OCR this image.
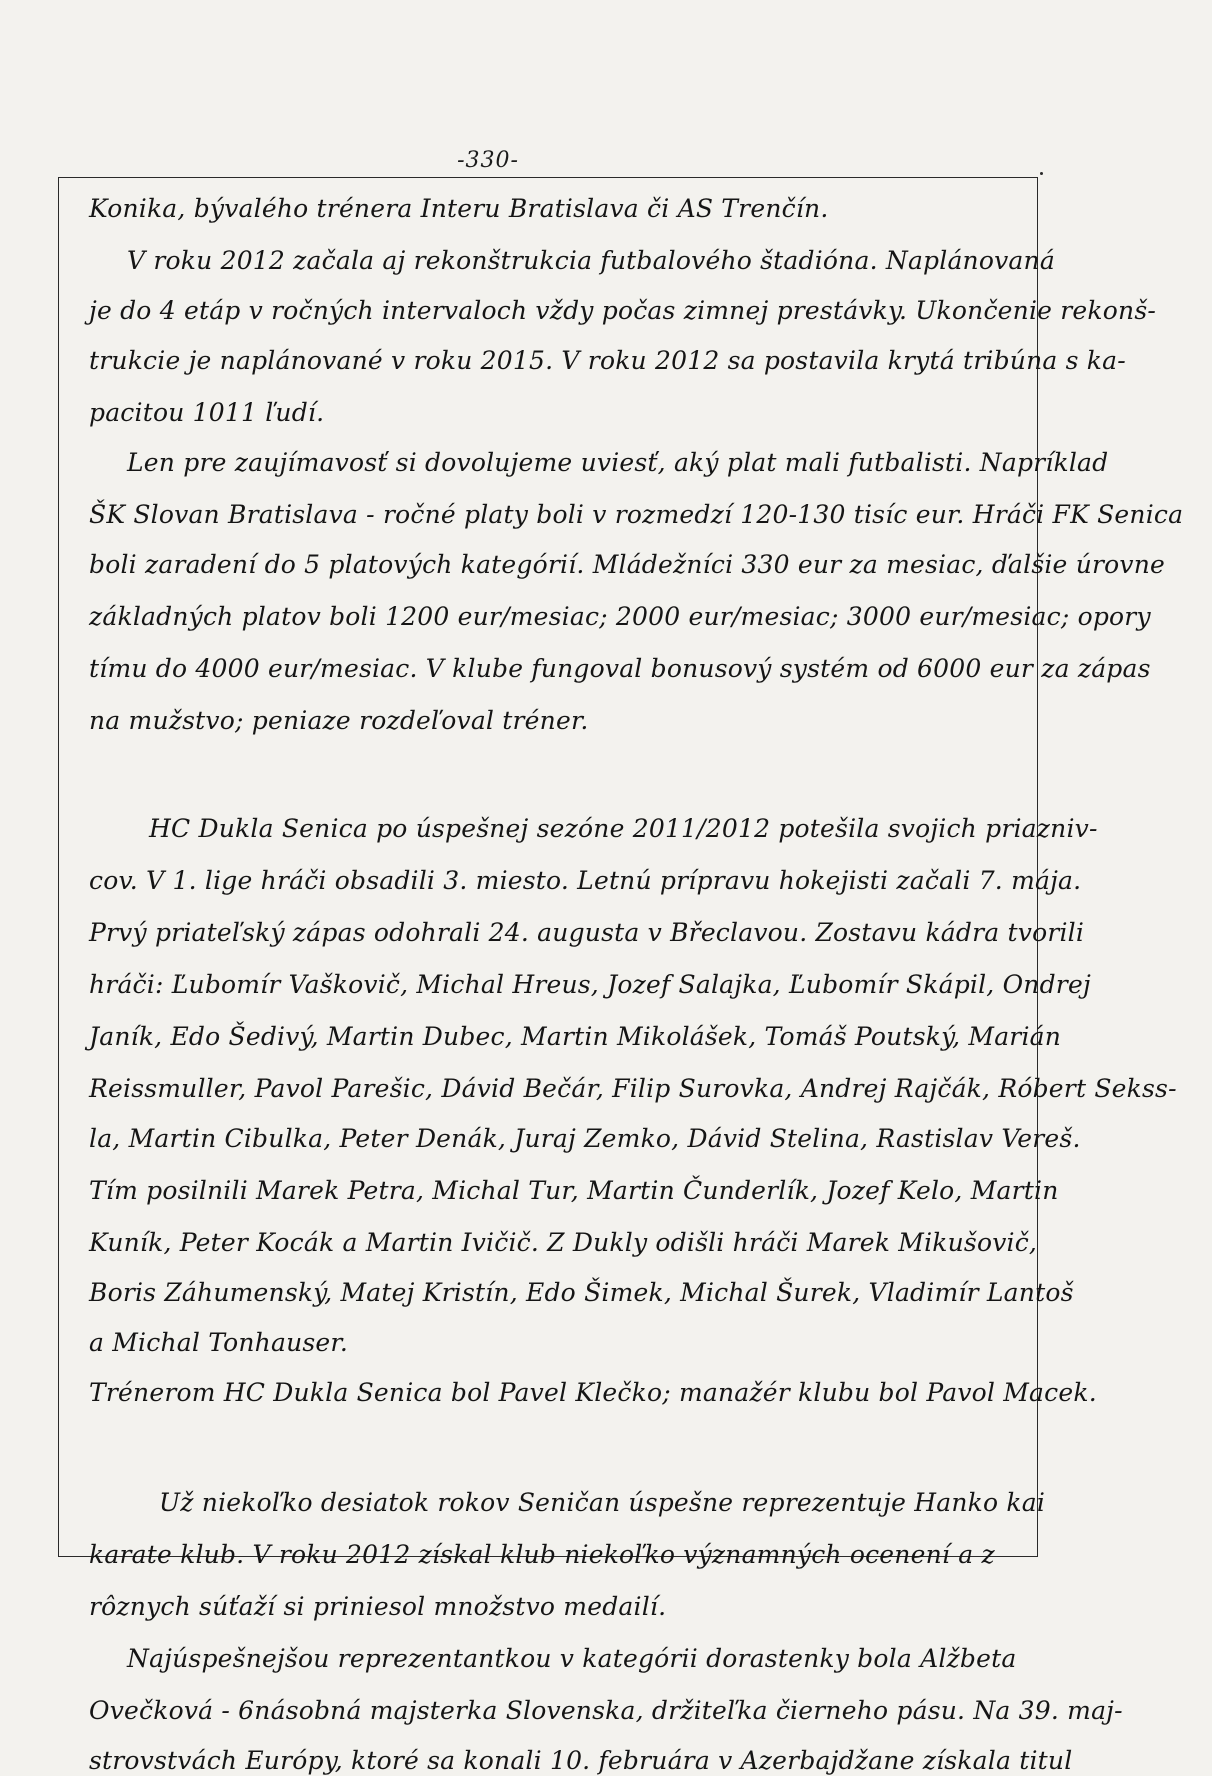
-330-
Konika, bývalého trénera Interu Bratislava či AS Trenčín.
V roku 2012 začala aj rekonštrukcia futbalového štadióna. Naplánovaná
je do 4 etáp v ročných intervaloch vždy počas zimnej prestávky. Ukončenie rekonš-
trukcie je naplánované v roku 2015. V roku 2012 sa postavila krytá tribúna s ka-
pacitou 1011 ľudí.
Len pre zaujímavosť si dovolujeme uviesť, aký plat mali futbalisti. Napríklad
ŠK Slovan Bratislava - ročné platy boli v rozmedzí 120-130 tisíc eur. Hráči FK Senica
boli zaradení do 5 platových kategórií. Mládežníci 330 eur za mesiac, ďalšie úrovne
základných platov boli 1200 eur/mesiac; 2000 eur/mesiac; 3000 eur/mesiac; opory
tímu do 4000 eur/mesiac. V klube fungoval bonusový systém od 6000 eur za zápas
na mužstvo; peniaze rozdeľoval tréner.
HC Dukla Senica po úspešnej sezóne 2011/2012 potešila svojich priazniv-
cov. V 1. lige hráči obsadili 3. miesto. Letnú prípravu hokejisti začali 7. mája.
Prvý priateľský zápas odohrali 24. augusta v Břeclavou. Zostavu kádra tvorili
hráči: Ľubomír Vaškovič, Michal Hreus, Jozef Salajka, Ľubomír Skápil, Ondrej
Janík, Edo Šedivý, Martin Dubec, Martin Mikolášek, Tomáš Poutský, Marián
Reissmuller, Pavol Parešic, Dávid Bečár, Filip Surovka, Andrej Rajčák, Róbert Sekss-
la, Martin Cibulka, Peter Denák, Juraj Zemko, Dávid Stelina, Rastislav Vereš.
Tím posilnili Marek Petra, Michal Tur, Martin Čunderlík, Jozef Kelo, Martin
Kuník, Peter Kocák a Martin Ivičič. Z Dukly odišli hráči Marek Mikušovič,
Boris Záhumenský, Matej Kristín, Edo Šimek, Michal Šurek, Vladimír Lantoš
a Michal Tonhauser.
Trénerom HC Dukla Senica bol Pavel Klečko; manažér klubu bol Pavol Macek.
Už niekoľko desiatok rokov Seničan úspešne reprezentuje Hanko kai
karate klub. V roku 2012 získal klub niekoľko významných ocenení a z
rôznych súťaží si priniesol množstvo medailí.
Najúspešnejšou reprezentantkou v kategórii dorastenky bola Alžbeta
Ovečková - 6násobná majsterka Slovenska, držiteľka čierneho pásu. Na 39. maj-
strovstvách Európy, ktoré sa konali 10. februára v Azerbajdžane získala titul
